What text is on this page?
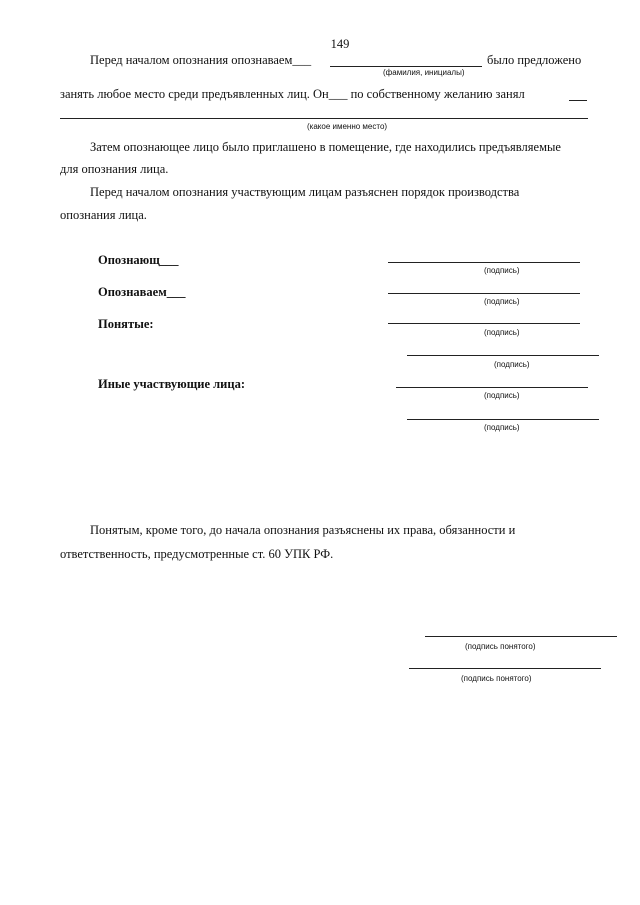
149
Перед началом опознания опознаваем___	было предложено
(фамилия, инициалы)
занять любое место среди предъявленных лиц. Он___ по собственному желанию занял
(какое именно место)
Затем опознающее лицо было приглашено в помещение, где находились предъявляемые
для опознания лица.
Перед началом опознания участвующим лицам разъяснен порядок производства
опознания лица.
Опознающ___
(подпись)
Опознаваем___
(подпись)
Понятые:
(подпись)
(подпись)
Иные участвующие лица:
(подпись)
(подпись)
Понятым, кроме того, до начала опознания разъяснены их права, обязанности и
ответственность, предусмотренные ст. 60 УПК РФ.
(подпись понятого)
(подпись понятого)
